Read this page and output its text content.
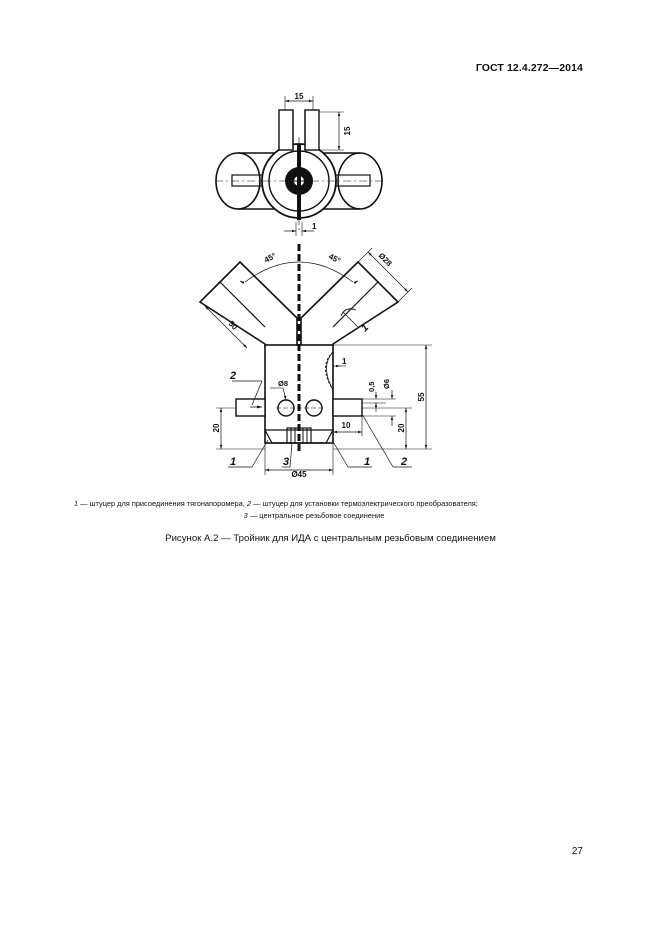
ГОСТ 12.4.272—2014
15
15
1
45°	45°	Ø28
50
1
Ø8	Ø6
0,5
55
20
20	10
Ø45
1
2
1	3	1	2
1 — штуцер для присоединения тягонапоромера, 2 — штуцер для установки термоэлектрического преобразователя;
3 — центральное резьбовое соединение
Рисунок А.2 — Тройник для ИДА с центральным резьбовым соединением
27
